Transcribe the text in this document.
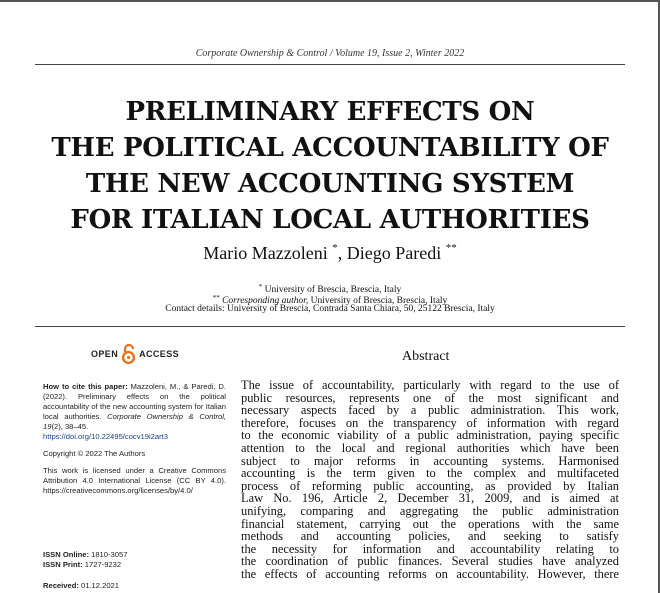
Corporate Ownership & Control / Volume 19, Issue 2, Winter 2022
PRELIMINARY EFFECTS ON
THE POLITICAL ACCOUNTABILITY OF
THE NEW ACCOUNTING SYSTEM
FOR ITALIAN LOCAL AUTHORITIES
Mario Mazzoleni *, Diego Paredi **
* University of Brescia, Brescia, Italy
** Corresponding author, University of Brescia, Brescia, Italy
Contact details: University of Brescia, Contrada Santa Chiara, 50, 25122 Brescia, Italy
OPEN ACCESS	Abstract

How to cite this paper: Mazzoleni, M., & Paredi, D. (2022). Preliminary effects on the political accountability of the new accounting system for Italian local authorities. Corporate Ownership & Control, 19(2), 38–45.
https://doi.org/10.22495/cocv19i2art3

Copyright © 2022 The Authors

This work is licensed under a Creative Commons Attribution 4.0 International License (CC BY 4.0). https://creativecommons.org/licenses/by/4.0/

ISSN Online: 1810-3057
ISSN Print: 1727-9232
Received: 01.12.2021
The issue of accountability, particularly with regard to the use of
public resources, represents one of the most significant and
necessary aspects faced by a public administration. This work,
therefore, focuses on the transparency of information with regard
to the economic viability of a public administration, paying specific
attention to the local and regional authorities which have been
subject to major reforms in accounting systems. Harmonised
accounting is the term given to the complex and multifaceted
process of reforming public accounting, as provided by Italian
Law No. 196, Article 2, December 31, 2009, and is aimed at
unifying, comparing and aggregating the public administration
financial statement, carrying out the operations with the same
methods and accounting policies, and seeking to satisfy
the necessity for information and accountability relating to
the coordination of public finances. Several studies have analyzed
the effects of accounting reforms on accountability. However, there
